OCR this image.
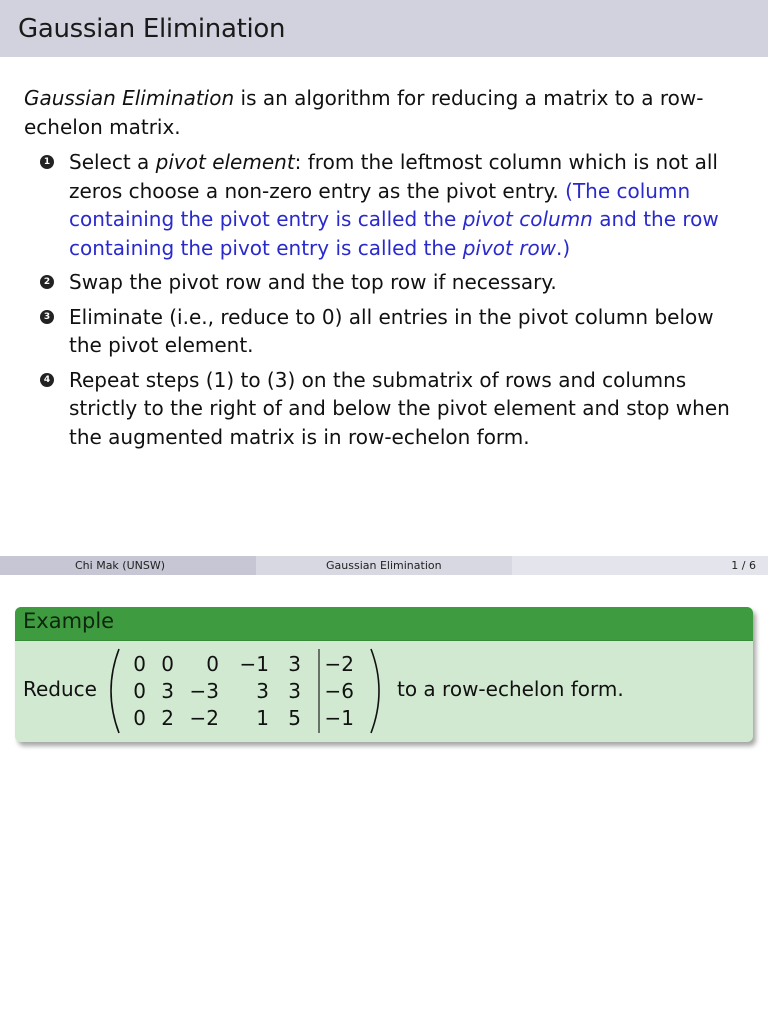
Gaussian Elimination
Gaussian Elimination is an algorithm for reducing a matrix to a row-echelon matrix.
1 Select a pivot element: from the leftmost column which is not all zeros choose a non-zero entry as the pivot entry. (The column containing the pivot entry is called the pivot column and the row containing the pivot entry is called the pivot row.)
2 Swap the pivot row and the top row if necessary.
3 Eliminate (i.e., reduce to 0) all entries in the pivot column below the pivot element.
4 Repeat steps (1) to (3) on the submatrix of rows and columns strictly to the right of and below the pivot element and stop when the augmented matrix is in row-echelon form.
Chi Mak (UNSW)	Gaussian Elimination	1 / 6
Example
Reduce
0 0 0 −1 3 −2
0 3 −3 3 3 −6
0 2 −2 1 5 −1
to a row-echelon form.
